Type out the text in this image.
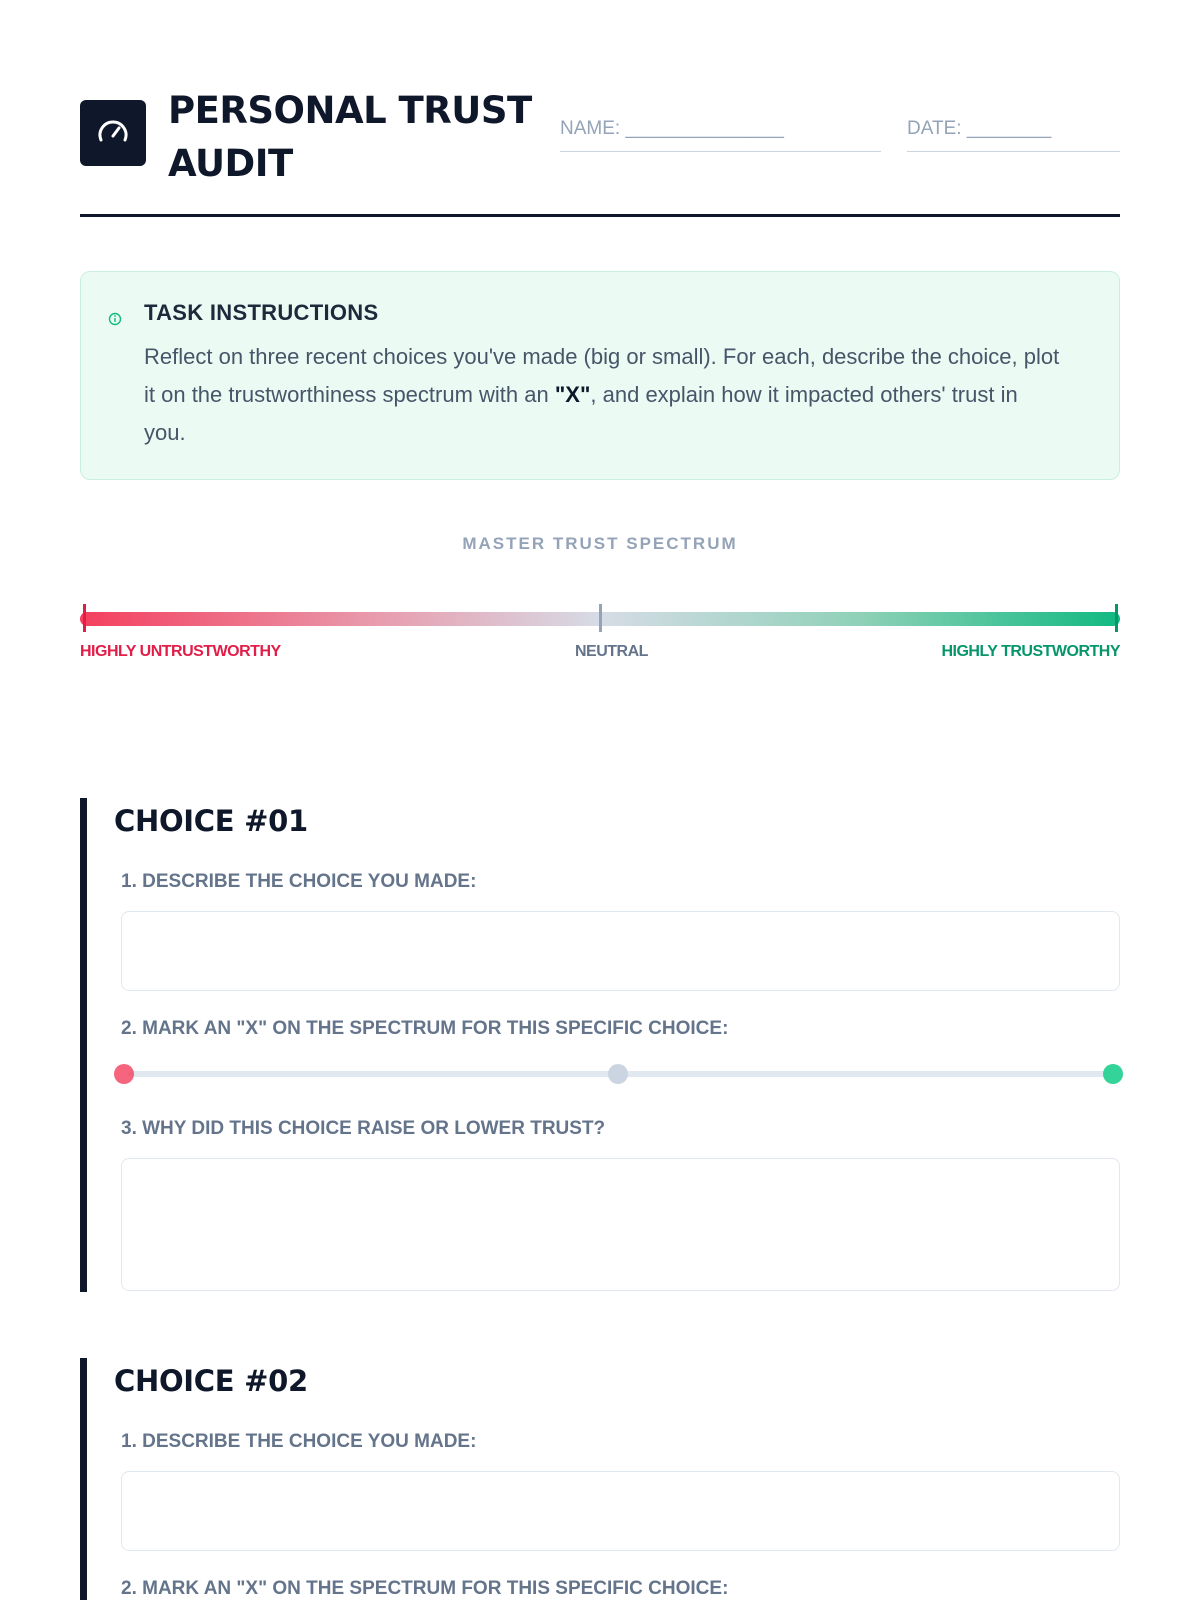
PERSONAL TRUST AUDIT
NAME: _______________	DATE: ________
TASK INSTRUCTIONS
Reflect on three recent choices you've made (big or small). For each, describe the choice, plot it on the trustworthiness spectrum with an "X", and explain how it impacted others' trust in you.
MASTER TRUST SPECTRUM
HIGHLY UNTRUSTWORTHY	NEUTRAL	HIGHLY TRUSTWORTHY
CHOICE #01
1. DESCRIBE THE CHOICE YOU MADE:
2. MARK AN "X" ON THE SPECTRUM FOR THIS SPECIFIC CHOICE:
3. WHY DID THIS CHOICE RAISE OR LOWER TRUST?
CHOICE #02
1. DESCRIBE THE CHOICE YOU MADE:
2. MARK AN "X" ON THE SPECTRUM FOR THIS SPECIFIC CHOICE:
